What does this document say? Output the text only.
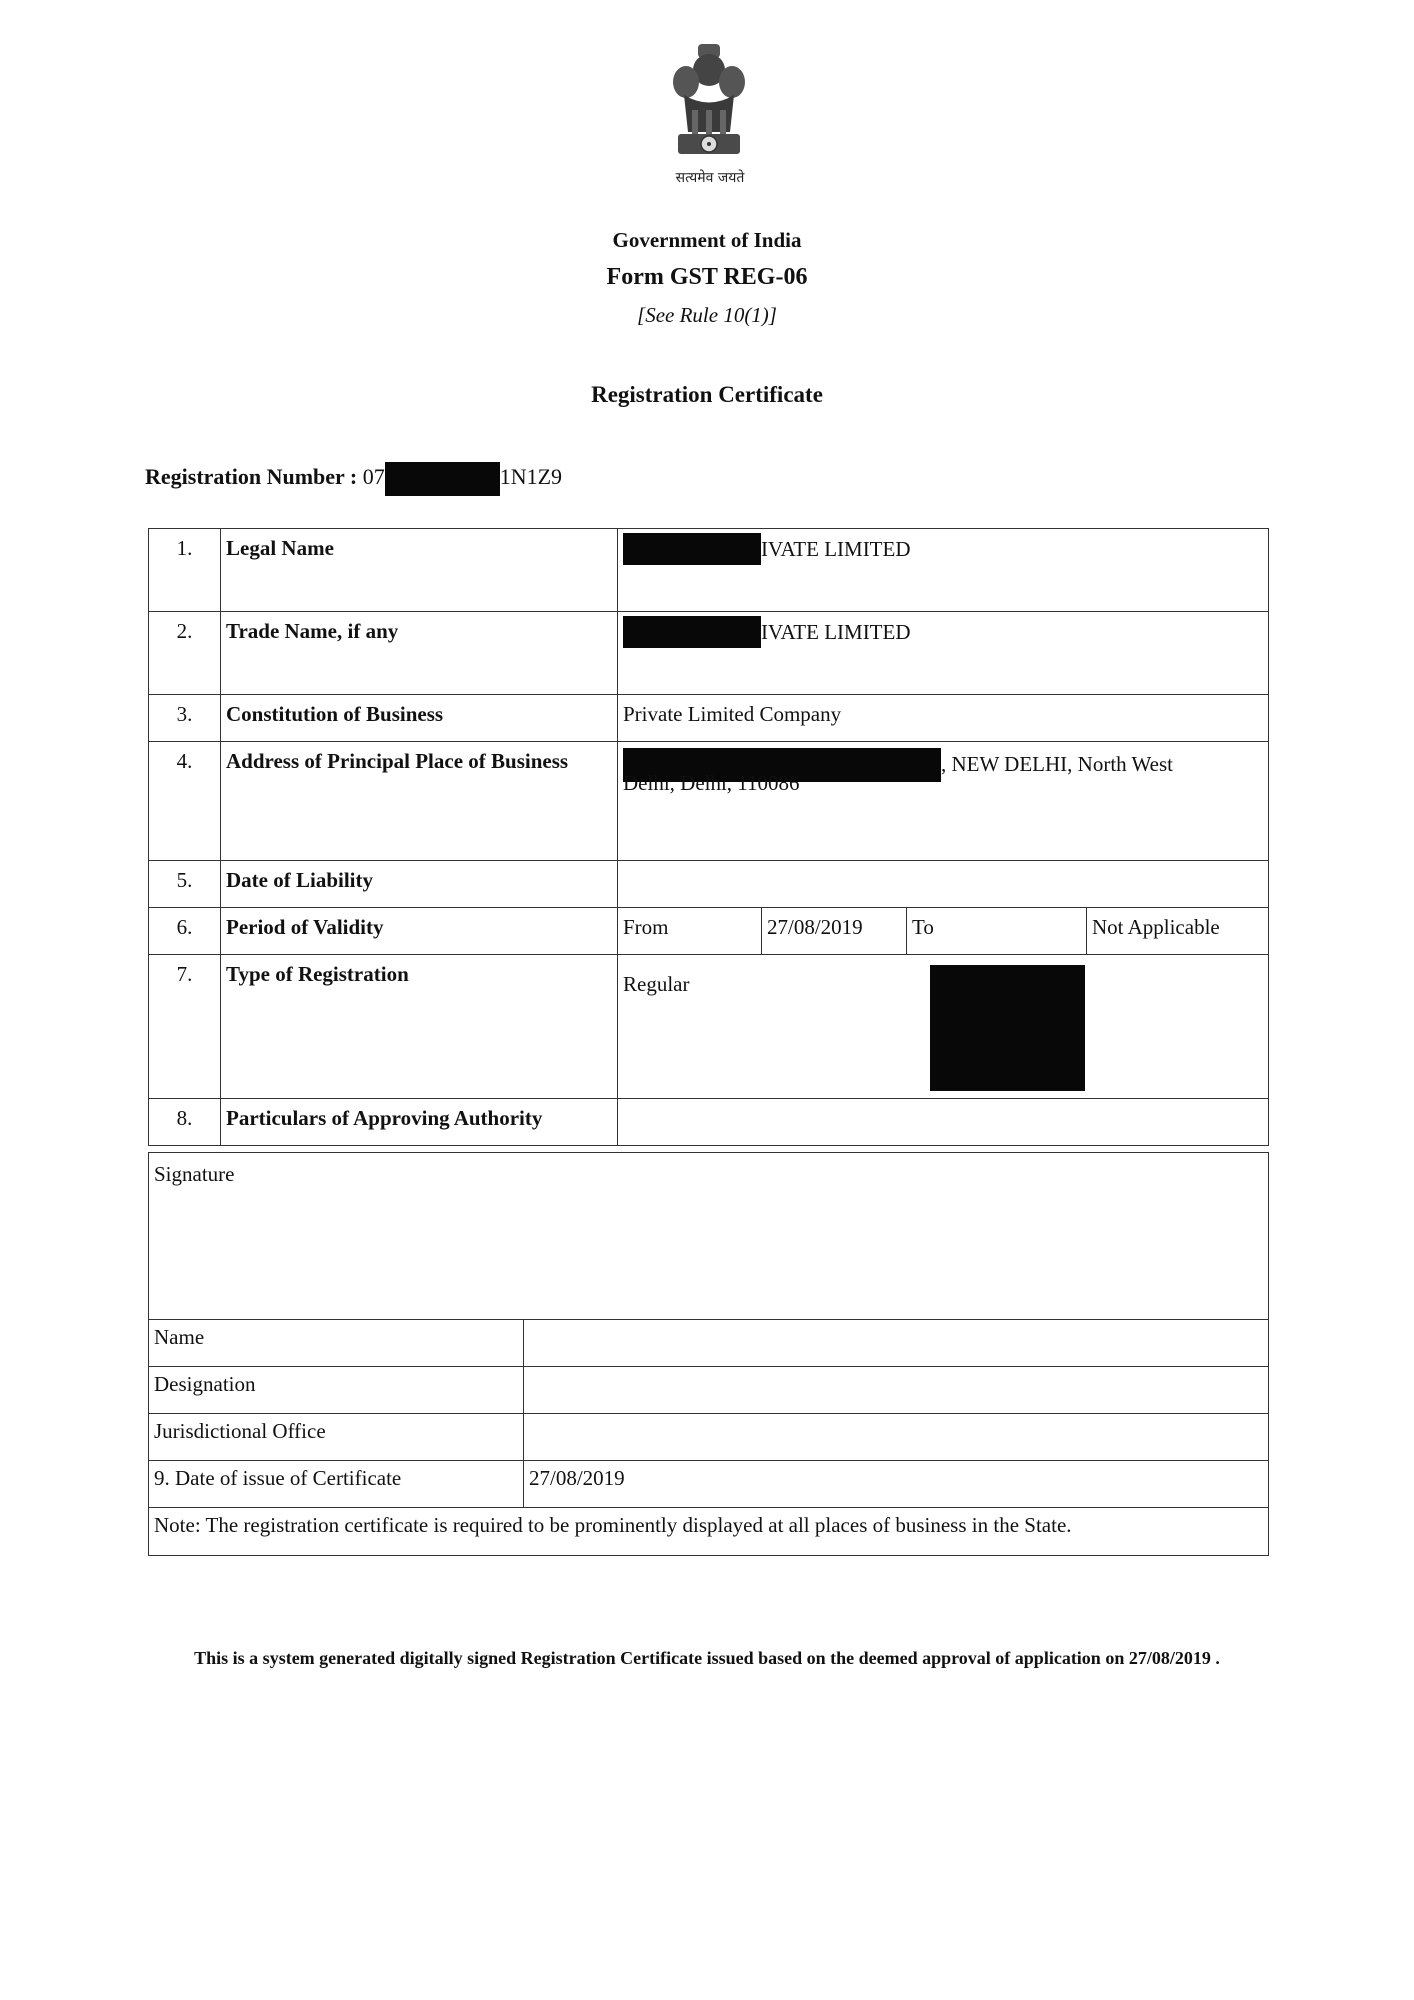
सत्यमेव जयते
Government of India
Form GST REG-06
[See Rule 10(1)]
Registration Certificate
Registration Number : 07	1N1Z9
1.	Legal Name	IVATE LIMITED			
2.	Trade Name, if any	IVATE LIMITED			
3.	Constitution of Business	Private Limited Company			
4.	Address of Principal Place of Business	, NEW DELHI, North West
Delhi, Delhi, 110086			

5.	Date of Liability				
6.	Period of Validity	From	27/08/2019	To	Not Applicable
7.	Type of Registration	Regular			

8.	Particulars of Approving Authority				
Signature	
Name	
Designation	
Jurisdictional Office	
9. Date of issue of Certificate	27/08/2019
Note: The registration certificate is required to be prominently displayed at all places of business in the State.	
This is a system generated digitally signed Registration Certificate issued based on the deemed approval of application on 27/08/2019 .
